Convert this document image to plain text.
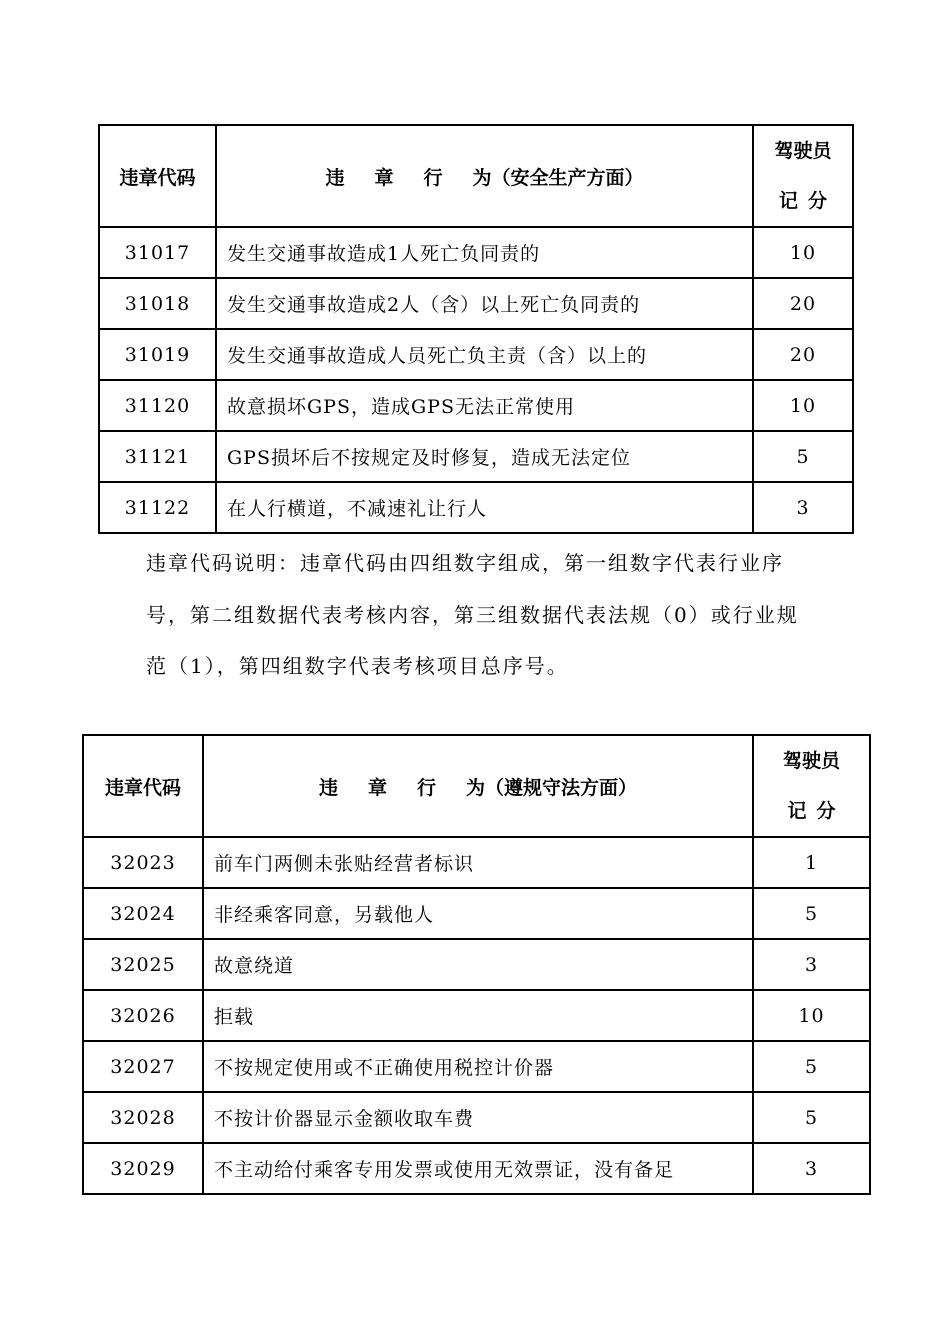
违章代码	违 章 行 为（安全生产方面）	驾驶员
记分

31017	发生交通事故造成1人死亡负同责的	10
31018	发生交通事故造成2人（含）以上死亡负同责的	20
31019	发生交通事故造成人员死亡负主责（含）以上的	20
31120	故意损坏GPS，造成GPS无法正常使用	10
31121	GPS损坏后不按规定及时修复，造成无法定位	5
31122	在人行横道，不减速礼让行人	3
违章代码说明：违章代码由四组数字组成，第一组数字代表行业序号，第二组数据代表考核内容，第三组数据代表法规（0）或行业规范（1），第四组数字代表考核项目总序号。
违章代码	违 章 行 为（遵规守法方面）	驾驶员
记分

32023	前车门两侧未张贴经营者标识	1
32024	非经乘客同意，另载他人	5
32025	故意绕道	3
32026	拒载	10
32027	不按规定使用或不正确使用税控计价器	5
32028	不按计价器显示金额收取车费	5
32029	不主动给付乘客专用发票或使用无效票证，没有备足	3
